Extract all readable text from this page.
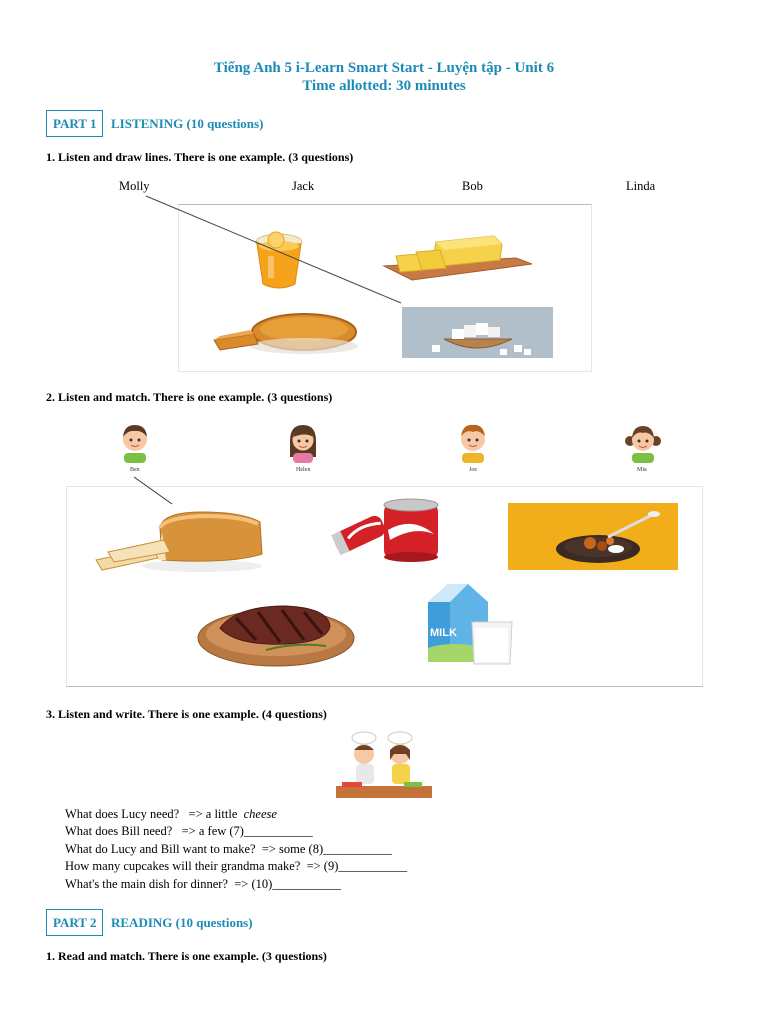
Tiếng Anh 5 i-Learn Smart Start - Luyện tập - Unit 6
Time allotted: 30 minutes
PART 1	LISTENING (10 questions)
1. Listen and draw lines. There is one example. (3 questions)
Molly	Jack	Bob	Linda
2. Listen and match. There is one example. (3 questions)
Ben	Helen	Joe	Mia
MILK
3. Listen and write. There is one example. (4 questions)
What does Lucy need?   => a little  cheese
What does Bill need?   => a few (7)___________
What do Lucy and Bill want to make?  => some (8)___________
How many cupcakes will their grandma make?  => (9)___________
What's the main dish for dinner?  => (10)___________
PART 2	READING (10 questions)
1. Read and match. There is one example. (3 questions)
